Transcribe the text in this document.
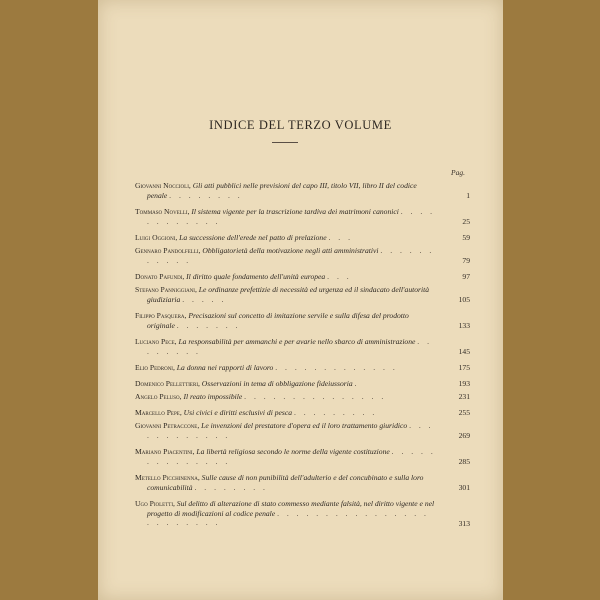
INDICE DEL TERZO VOLUME
Pag.
Giovanni Noccioli, Gli atti pubblici nelle previsioni del capo III, titolo VII, libro II del codice penale . . . . . . . .	1
Tommaso Novelli, Il sistema vigente per la trascrizione tardiva dei matrimoni canonici . . . . . . . . . . . .	25
Luigi Oggioni, La successione dell'erede nel patto di prelazione . . .	59
Gennaro Pandolfelli, Obbligatorietà della motivazione negli atti amministrativi . . . . . . . . . . .	79
Donato Pafundi, Il diritto quale fondamento dell'unità europea . . .	97
Stefano Panniggiani, Le ordinanze prefettizie di necessità ed urgenza ed il sindacato dell'autorità giudiziaria . . . . .	105
Filippo Pasquera, Precisazioni sul concetto di imitazione servile e sulla difesa del prodotto originale . . . . . . .	133
Luciano Pece, La responsabilità per ammanchi e per avarie nello sbarco di amministrazione . . . . . . . .	145
Elio Pedroni, La donna nei rapporti di lavoro . . . . . . . . . . . . .	175
Domenico Pellettieri, Osservazioni in tema di obbligazione fideiussoria .	193
Angelo Peluso, Il reato impossibile . . . . . . . . . . . . . . .	231
Marcello Pepe, Usi civici e diritti esclusivi di pesca . . . . . . . . .	255
Giovanni Petraccone, Le invenzioni del prestatore d'opera ed il loro trattamento giuridico . . . . . . . . . . . .	269
Mariano Piacentini, La libertà religiosa secondo le norme della vigente costituzione . . . . . . . . . . . . . .	285
Metello Picchinenna, Sulle cause di non punibilità dell'adulterio e del concubinato e sulla loro comunicabilità . . . . . . . .	301
Ugo Pioletti, Sul delitto di alterazione di stato commesso mediante falsità, nel diritto vigente e nel progetto di modificazioni al codice penale . . . . . . . . . . . . . . . . . . . . . . . .	313
